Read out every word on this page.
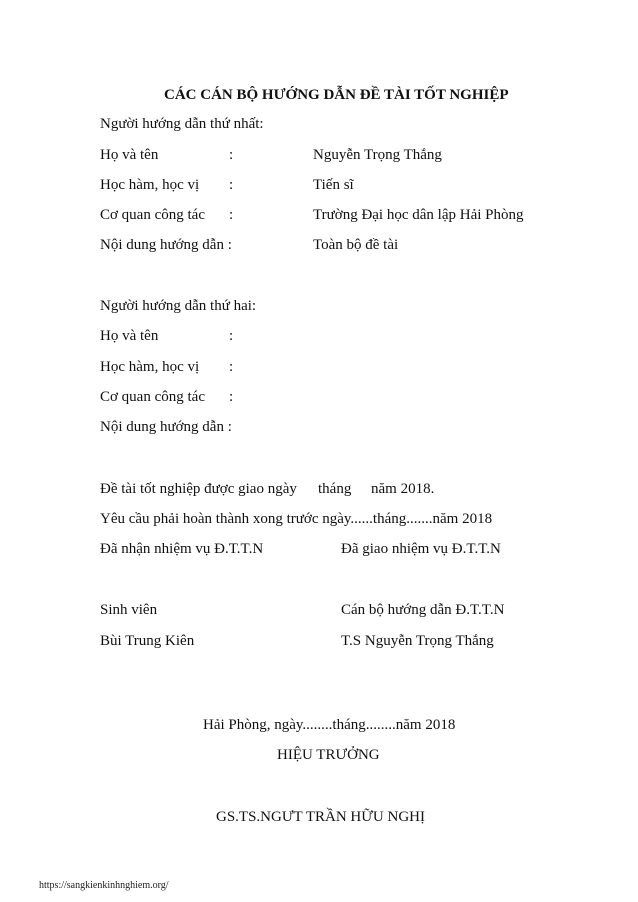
CÁC CÁN BỘ HƯỚNG DẪN ĐỀ TÀI TỐT NGHIỆP
Người hướng dẫn thứ nhất:
Họ và tên	:	Nguyễn Trọng Thắng
Học hàm, học vị :	Tiến sĩ
Cơ quan công tác :	Trường Đại học dân lập Hải Phòng
Nội dung hướng dẫn :	Toàn bộ đề tài
Người hướng dẫn thứ hai:
Họ và tên	:
Học hàm, học vị :
Cơ quan công tác :
Nội dung hướng dẫn :
Đề tài tốt nghiệp được giao ngày tháng năm 2018.
Yêu cầu phải hoàn thành xong trước ngày......tháng.......năm 2018
Đã nhận nhiệm vụ Đ.T.T.N	Đã giao nhiệm vụ Đ.T.T.N
Sinh viên	Cán bộ hướng dẫn Đ.T.T.N
Bùi Trung Kiên	T.S Nguyễn Trọng Thắng
Hải Phòng, ngày........tháng........năm 2018
HIỆU TRƯỞNG
GS.TS.NGƯT TRẦN HỮU NGHỊ
https://sangkienkinhnghiem.org/
